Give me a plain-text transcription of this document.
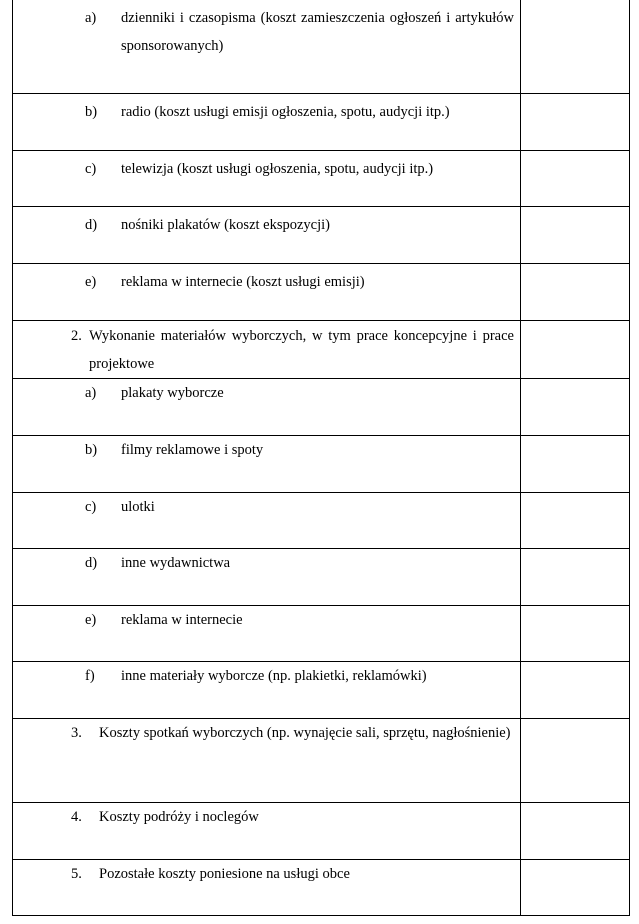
a) dzienniki i czasopisma (koszt zamieszczenia ogłoszeń i artykułów sponsorowanych)	

b) radio (koszt usługi emisji ogłoszenia, spotu, audycji itp.)	

c) telewizja (koszt usługi ogłoszenia, spotu, audycji itp.)	

d) nośniki plakatów (koszt ekspozycji)	

e) reklama w internecie (koszt usługi emisji)	

2. Wykonanie materiałów wyborczych, w tym prace koncepcyjne i prace projektowe	

a) plakaty wyborcze	

b) filmy reklamowe i spoty	

c) ulotki	

d) inne wydawnictwa	

e) reklama w internecie	

f) inne materiały wyborcze (np. plakietki, reklamówki)	

3. Koszty spotkań wyborczych (np. wynajęcie sali, sprzętu, nagłośnienie)	

4. Koszty podróży i noclegów	

5. Pozostałe koszty poniesione na usługi obce	
